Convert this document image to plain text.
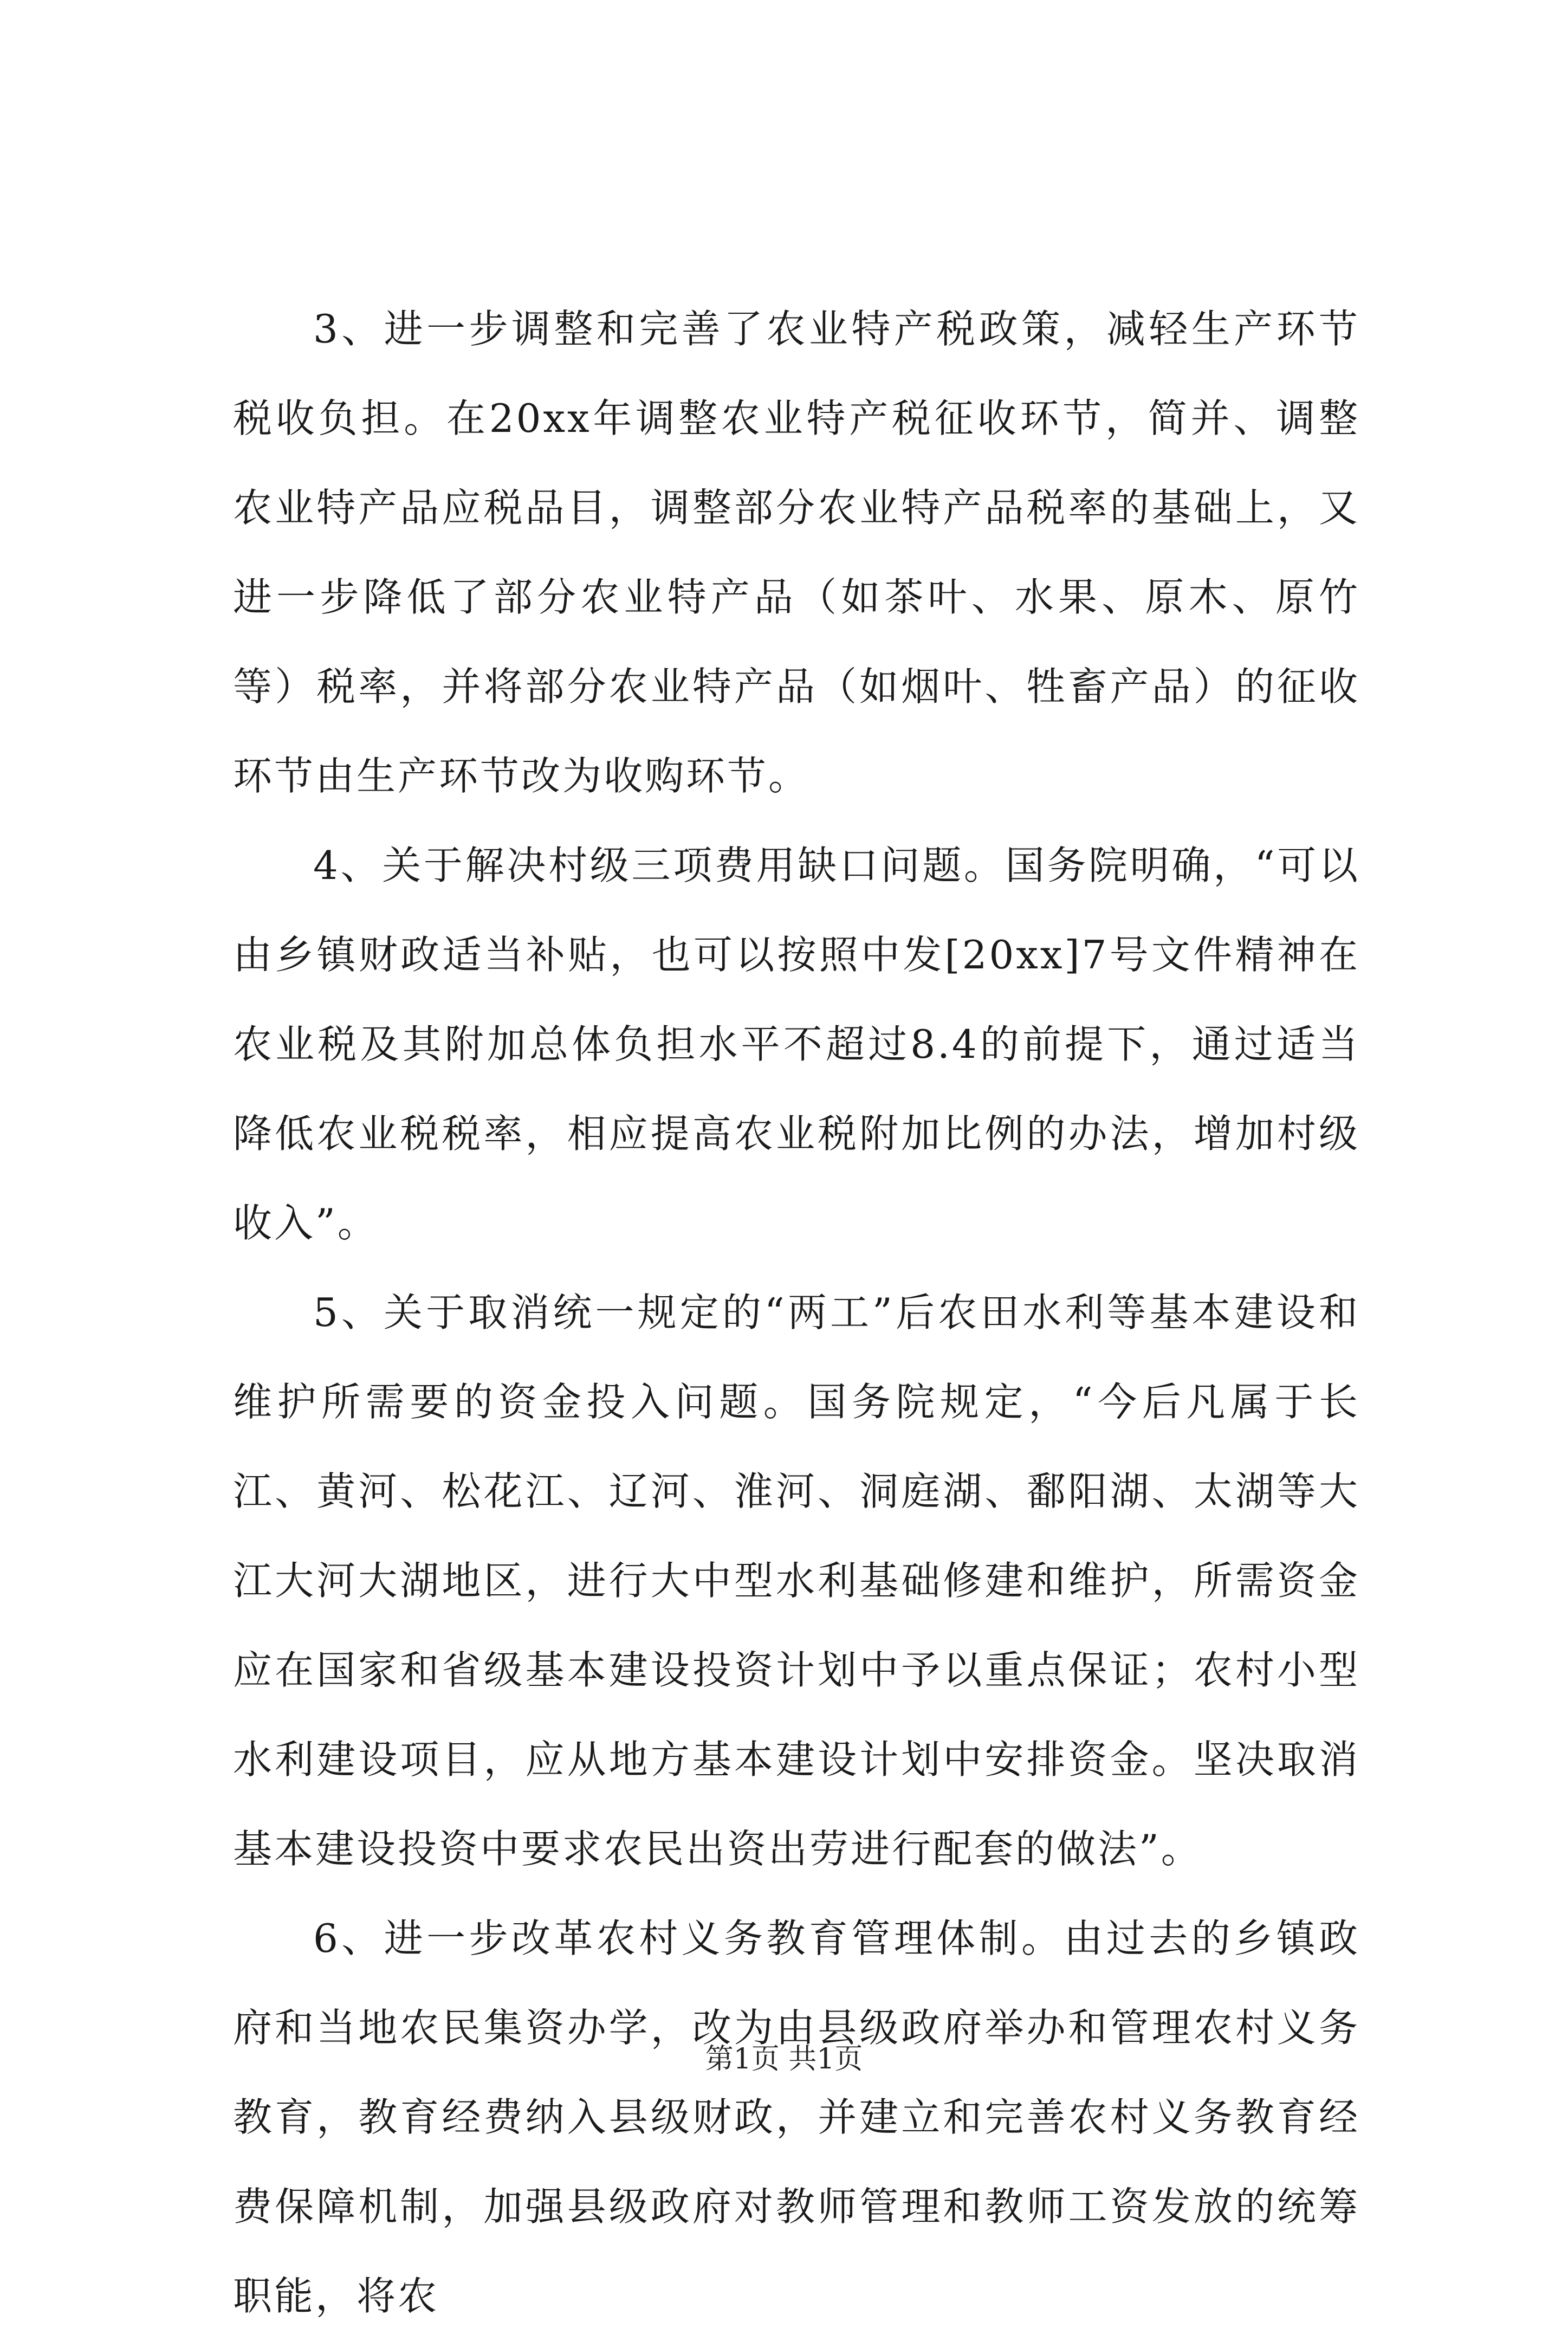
3、进一步调整和完善了农业特产税政策，减轻生产环节税收负担。在20xx年调整农业特产税征收环节，简并、调整农业特产品应税品目，调整部分农业特产品税率的基础上，又进一步降低了部分农业特产品（如茶叶、水果、原木、原竹等）税率，并将部分农业特产品（如烟叶、牲畜产品）的征收环节由生产环节改为收购环节。

4、关于解决村级三项费用缺口问题。国务院明确，“可以由乡镇财政适当补贴，也可以按照中发[20xx]7号文件精神在农业税及其附加总体负担水平不超过8.4的前提下，通过适当降低农业税税率，相应提高农业税附加比例的办法，增加村级收入”。

5、关于取消统一规定的“两工”后农田水利等基本建设和维护所需要的资金投入问题。国务院规定，“今后凡属于长江、黄河、松花江、辽河、淮河、洞庭湖、鄱阳湖、太湖等大江大河大湖地区，进行大中型水利基础修建和维护，所需资金应在国家和省级基本建设投资计划中予以重点保证；农村小型水利建设项目，应从地方基本建设计划中安排资金。坚决取消基本建设投资中要求农民出资出劳进行配套的做法”。

6、进一步改革农村义务教育管理体制。由过去的乡镇政府和当地农民集资办学，改为由县级政府举办和管理农村义务教育，教育经费纳入县级财政，并建立和完善农村义务教育经费保障机制，加强县级政府对教师管理和教师工资发放的统筹职能，将农

第1页 共1页
